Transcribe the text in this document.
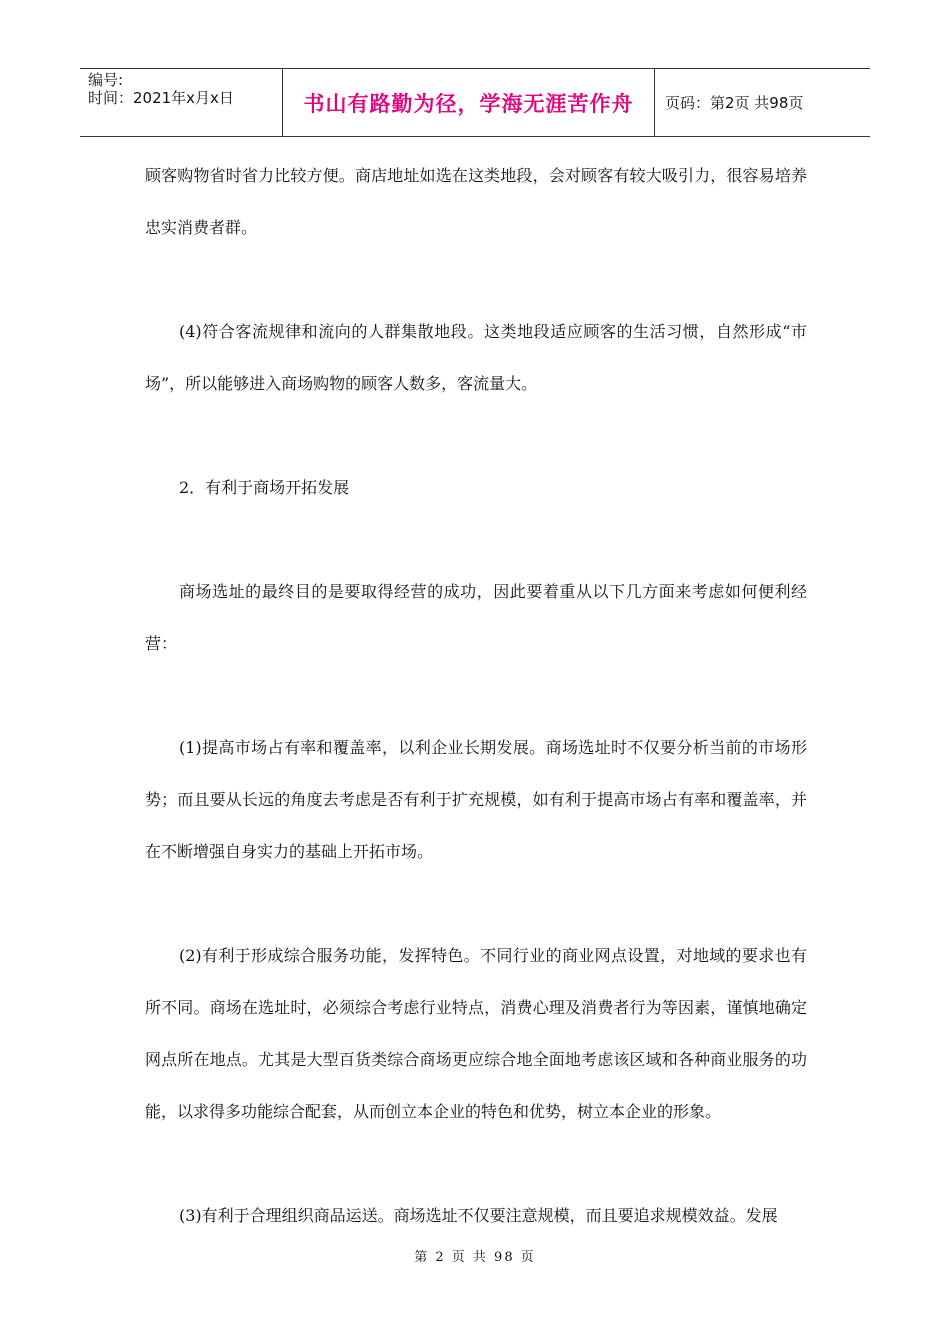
编号:
时间：2021年x月x日	书山有路勤为径，学海无涯苦作舟	页码：第2页 共98页

顾客购物省时省力比较方便。商店地址如选在这类地段，会对顾客有较大吸引力，很容易培养忠实消费者群。

(4)符合客流规律和流向的人群集散地段。这类地段适应顾客的生活习惯，自然形成“市场”，所以能够进入商场购物的顾客人数多，客流量大。

2．有利于商场开拓发展

商场选址的最终目的是要取得经营的成功，因此要着重从以下几方面来考虑如何便利经营：

(1)提高市场占有率和覆盖率，以利企业长期发展。商场选址时不仅要分析当前的市场形势；而且要从长远的角度去考虑是否有利于扩充规模，如有利于提高市场占有率和覆盖率，并在不断增强自身实力的基础上开拓市场。

(2)有利于形成综合服务功能，发挥特色。不同行业的商业网点设置，对地域的要求也有所不同。商场在选址时，必须综合考虑行业特点，消费心理及消费者行为等因素，谨慎地确定网点所在地点。尤其是大型百货类综合商场更应综合地全面地考虑该区域和各种商业服务的功能，以求得多功能综合配套，从而创立本企业的特色和优势，树立本企业的形象。

(3)有利于合理组织商品运送。商场选址不仅要注意规模，而且要追求规模效益。发展

第 2 页 共 98 页
